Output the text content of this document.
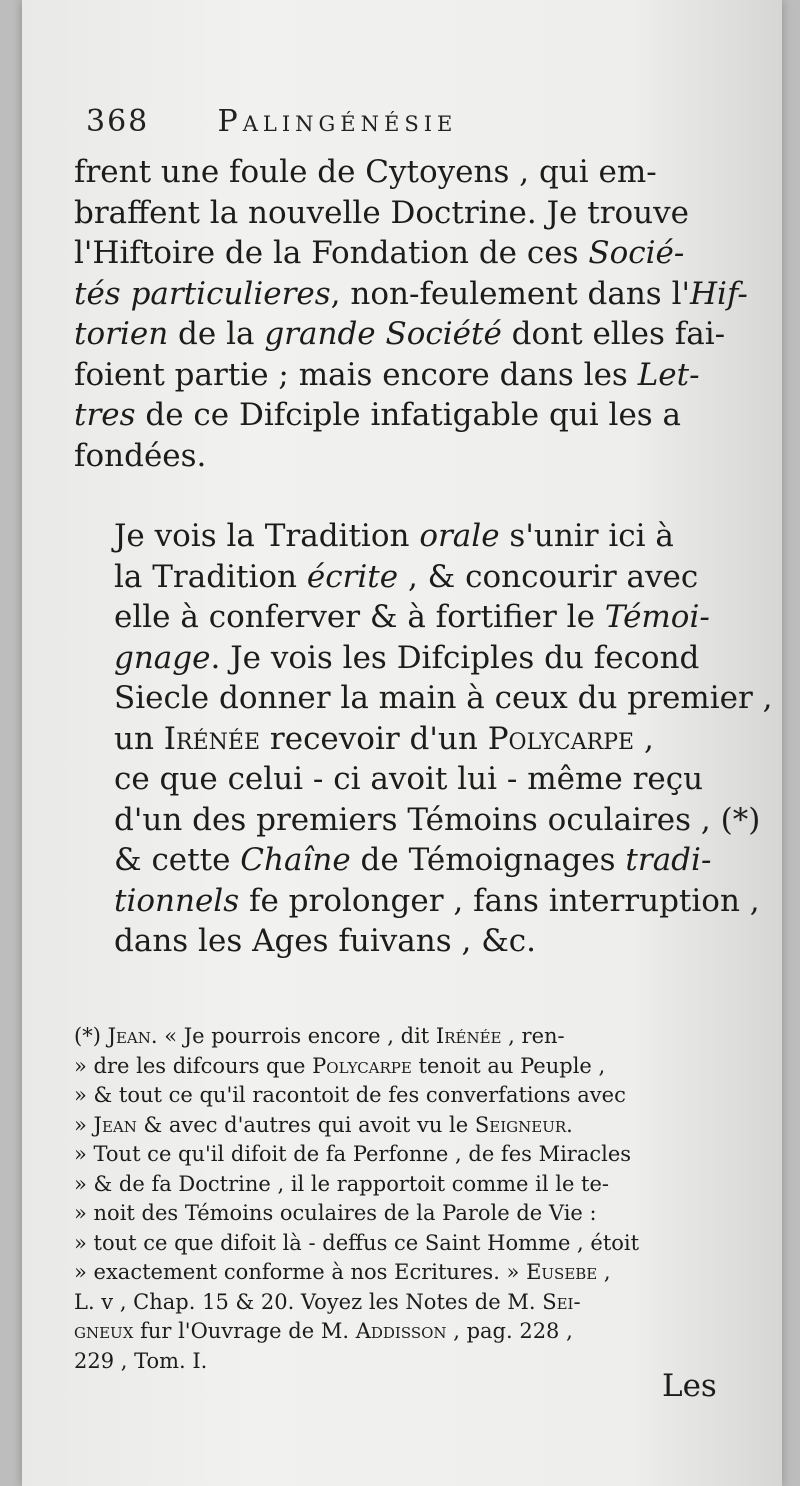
368 Palingénésie

frent une foule de Cytoyens , qui em-
braffent la nouvelle Doctrine. Je trouve
l'Hiftoire de la Fondation de ces Socié-
tés particulieres, non-feulement dans l'Hif-
torien de la grande Société dont elles fai-
foient partie ; mais encore dans les Let-
tres de ce Difciple infatigable qui les a
fondées.

Je vois la Tradition orale s'unir ici à
la Tradition écrite , & concourir avec
elle à conferver & à fortifier le Témoi-
gnage. Je vois les Difciples du fecond
Siecle donner la main à ceux du premier ,
un Irénée recevoir d'un Polycarpe ,
ce que celui - ci avoit lui - même reçu
d'un des premiers Témoins oculaires , (*)
& cette Chaîne de Témoignages tradi-
tionnels fe prolonger , fans interruption ,
dans les Ages fuivans , &c.

(*) Jean. « Je pourrois encore , dit Irénée , ren-
» dre les difcours que Polycarpe tenoit au Peuple ,
» & tout ce qu'il racontoit de fes converfations avec
» Jean & avec d'autres qui avoit vu le Seigneur.
» Tout ce qu'il difoit de fa Perfonne , de fes Miracles
» & de fa Doctrine , il le rapportoit comme il le te-
» noit des Témoins oculaires de la Parole de Vie :
» tout ce que difoit là - deffus ce Saint Homme , étoit
» exactement conforme à nos Ecritures. » Eusebe ,
L. v , Chap. 15 & 20. Voyez les Notes de M. Sei-
gneux fur l'Ouvrage de M. Addisson , pag. 228 ,
229 , Tom. I.
Les
